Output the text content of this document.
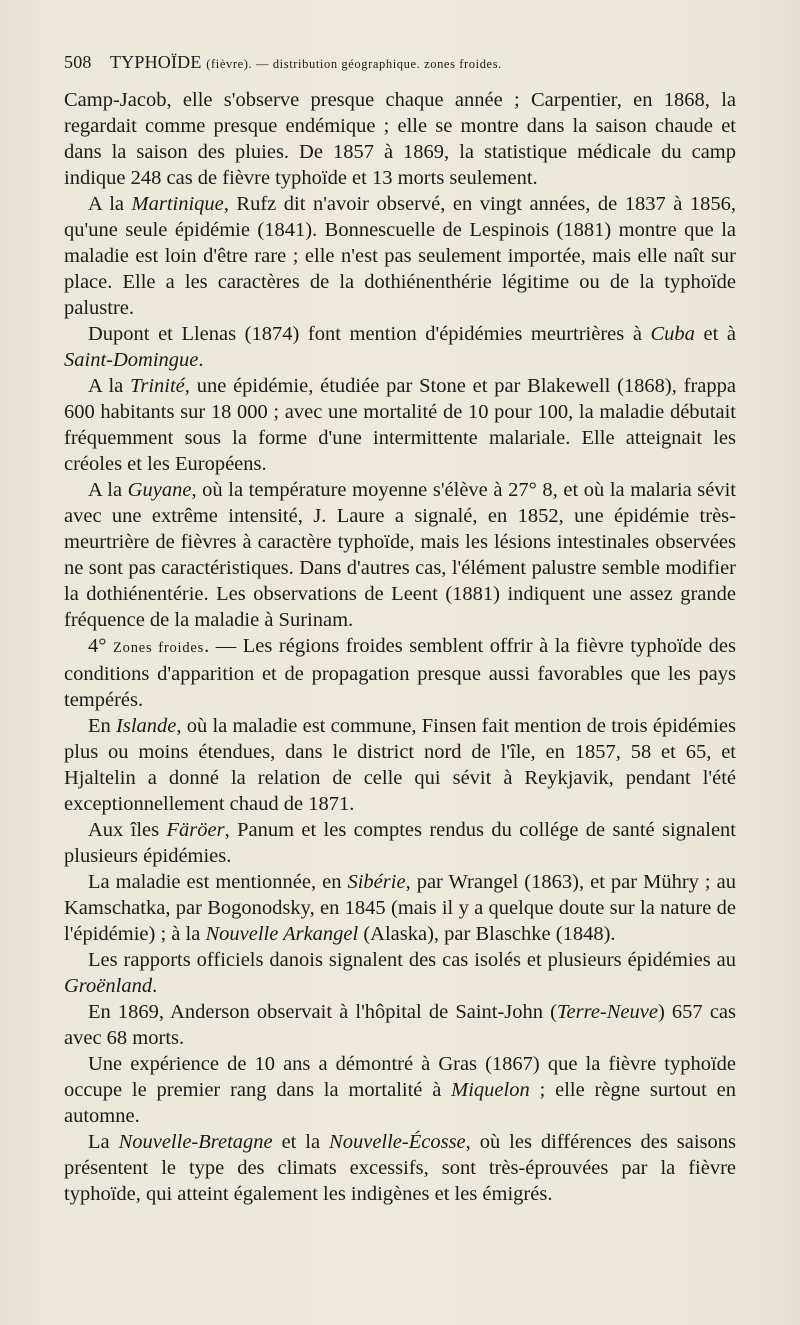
508 TYPHOÏDE (fièvre). — distribution géographique. zones froides.

Camp-Jacob, elle s'observe presque chaque année ; Carpentier, en 1868, la regardait comme presque endémique ; elle se montre dans la saison chaude et dans la saison des pluies. De 1857 à 1869, la statistique médicale du camp indique 248 cas de fièvre typhoïde et 13 morts seulement.

A la Martinique, Rufz dit n'avoir observé, en vingt années, de 1837 à 1856, qu'une seule épidémie (1841). Bonnescuelle de Lespinois (1881) montre que la maladie est loin d'être rare ; elle n'est pas seulement importée, mais elle naît sur place. Elle a les caractères de la dothiénenthérie légitime ou de la typhoïde palustre.

Dupont et Llenas (1874) font mention d'épidémies meurtrières à Cuba et à Saint-Domingue.

A la Trinité, une épidémie, étudiée par Stone et par Blakewell (1868), frappa 600 habitants sur 18 000 ; avec une mortalité de 10 pour 100, la maladie débutait fréquemment sous la forme d'une intermittente malariale. Elle atteignait les créoles et les Européens.

A la Guyane, où la température moyenne s'élève à 27° 8, et où la malaria sévit avec une extrême intensité, J. Laure a signalé, en 1852, une épidémie très-meurtrière de fièvres à caractère typhoïde, mais les lésions intestinales observées ne sont pas caractéristiques. Dans d'autres cas, l'élément palustre semble modifier la dothiénentérie. Les observations de Leent (1881) indiquent une assez grande fréquence de la maladie à Surinam.

4° Zones froides. — Les régions froides semblent offrir à la fièvre typhoïde des conditions d'apparition et de propagation presque aussi favorables que les pays tempérés.

En Islande, où la maladie est commune, Finsen fait mention de trois épidémies plus ou moins étendues, dans le district nord de l'île, en 1857, 58 et 65, et Hjaltelin a donné la relation de celle qui sévit à Reykjavik, pendant l'été exceptionnellement chaud de 1871.

Aux îles Färöer, Panum et les comptes rendus du collége de santé signalent plusieurs épidémies.

La maladie est mentionnée, en Sibérie, par Wrangel (1863), et par Mühry ; au Kamschatka, par Bogonodsky, en 1845 (mais il y a quelque doute sur la nature de l'épidémie) ; à la Nouvelle Arkangel (Alaska), par Blaschke (1848).

Les rapports officiels danois signalent des cas isolés et plusieurs épidémies au Groënland.

En 1869, Anderson observait à l'hôpital de Saint-John (Terre-Neuve) 657 cas avec 68 morts.

Une expérience de 10 ans a démontré à Gras (1867) que la fièvre typhoïde occupe le premier rang dans la mortalité à Miquelon ; elle règne surtout en automne.

La Nouvelle-Bretagne et la Nouvelle-Écosse, où les différences des saisons présentent le type des climats excessifs, sont très-éprouvées par la fièvre typhoïde, qui atteint également les indigènes et les émigrés.
